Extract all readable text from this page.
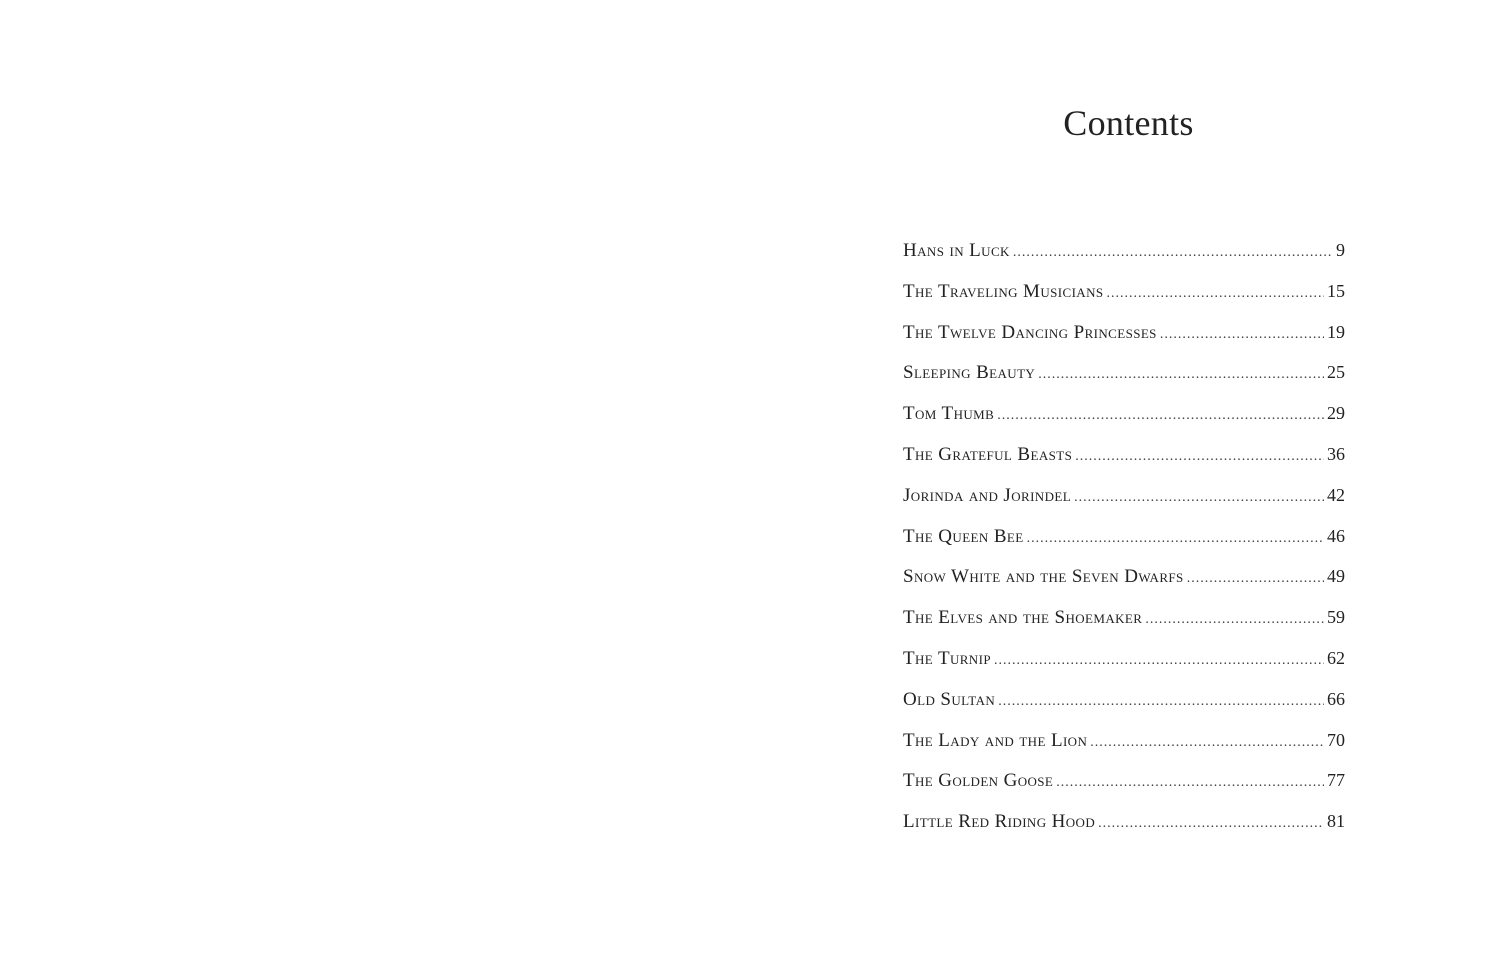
Contents
Hans in Luck .....	9
The Traveling Musicians .....	15
The Twelve Dancing Princesses .....	19
Sleeping Beauty .....	25
Tom Thumb .....	29
The Grateful Beasts .....	36
Jorinda and Jorindel .....	42
The Queen Bee .....	46
Snow White and the Seven Dwarfs .....	49
The Elves and the Shoemaker .....	59
The Turnip .....	62
Old Sultan .....	66
The Lady and the Lion .....	70
The Golden Goose .....	77
Little Red Riding Hood .....	81
